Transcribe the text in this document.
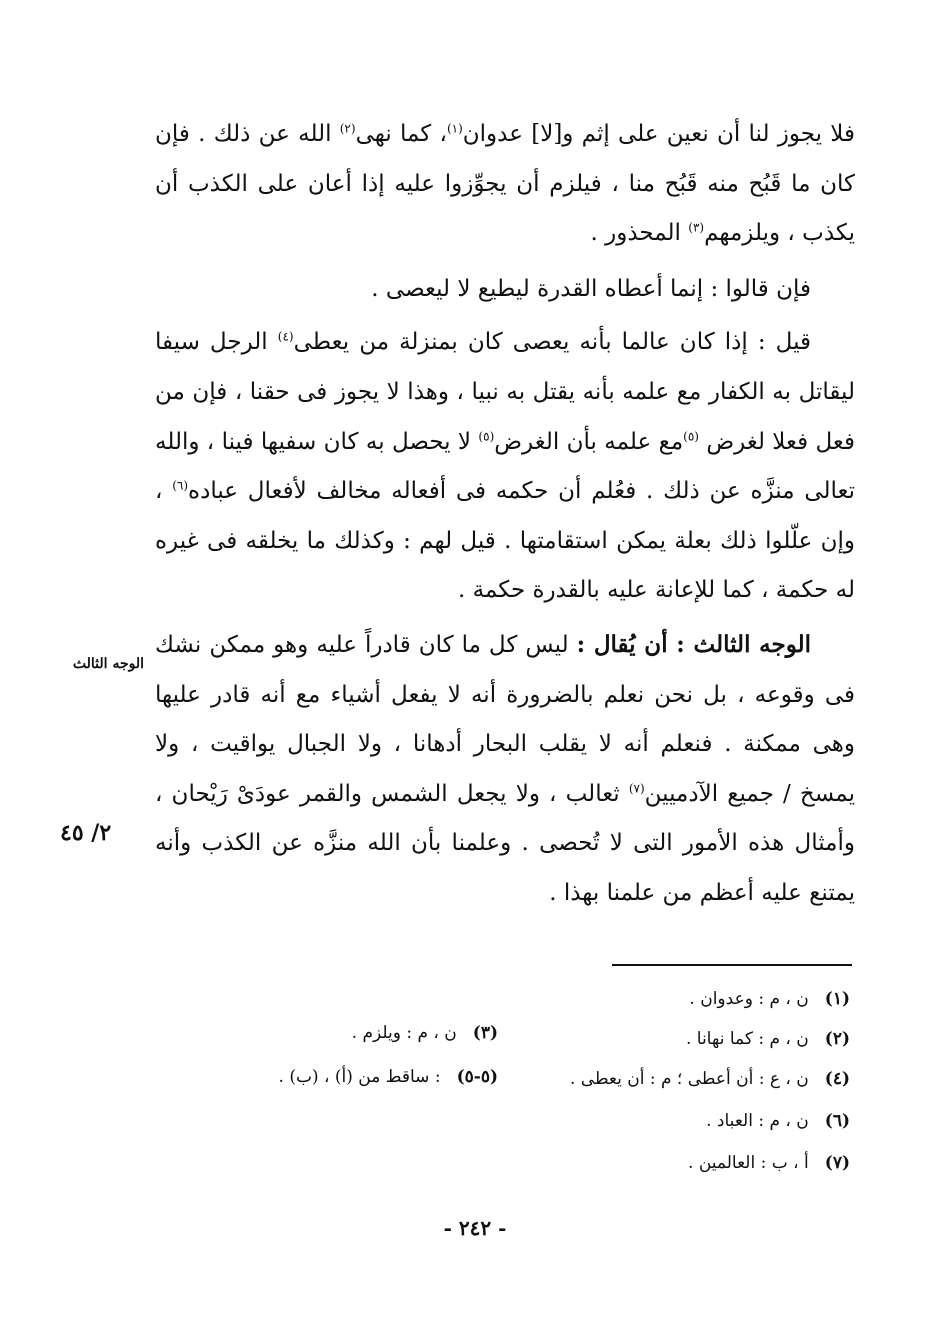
فلا يجوز لنا أن نعين على إثم و[لا] عدوان$^{(١)}$، كما نهى$^{(٢)}$ الله عن ذلك . فإن كان ما قَبُح منه قَبُح منا ، فيلزم أن يجوِّزوا عليه إذا أعان على الكذب أن يكذب ، ويلزمهم$^{(٣)}$ المحذور .

فإن قالوا : إنما أعطاه القدرة ليطيع لا ليعصى .

قيل : إذا كان عالما بأنه يعصى كان بمنزلة من يعطى$^{(٤)}$ الرجل سيفا ليقاتل به الكفار مع علمه بأنه يقتل به نبيا ، وهذا لا يجوز فى حقنا ، فإن من فعل فعلا لغرض $^{(٥)}$مع علمه بأن الغرض$^{(٥)}$ لا يحصل به كان سفيها فينا ، والله تعالى منزَّه عن ذلك . فعُلم أن حكمه فى أفعاله مخالف لأفعال عباده$^{(٦)}$ ، وإن علّلوا ذلك بعلة يمكن استقامتها . قيل لهم : وكذلك ما يخلقه فى غيره له حكمة ، كما للإعانة عليه بالقدرة حكمة .

الوجه الثالث : أن يُقال : ليس كل ما كان قادراً عليه وهو ممكن نشك فى وقوعه ، بل نحن نعلم بالضرورة أنه لا يفعل أشياء مع أنه قادر عليها وهى ممكنة . فنعلم أنه لا يقلب البحار أدهانا ، ولا الجبال يواقيت ، ولا يمسخ / جميع الآدميين$^{(٧)}$ ثعالب ، ولا يجعل الشمس والقمر عودَىْ رَيْحان ، وأمثال هذه الأمور التى لا تُحصى . وعلمنا بأن الله منزَّه عن الكذب وأنه يمتنع عليه أعظم من علمنا بهذا .

الوجه الثالث
٢/ ٤٥
(١)ن ، م : وعدوان .
(٢)ن ، م : كما نهانا .
(٣)ن ، م : ويلزم .
(٤)ن ، ع : أن أعطى ؛ م : أن يعطى .
(٥-٥): ساقط من (أ) ، (ب) .
(٦)ن ، م : العباد .
(٧)أ ، ب : العالمين .
- ٢٤٢ -
